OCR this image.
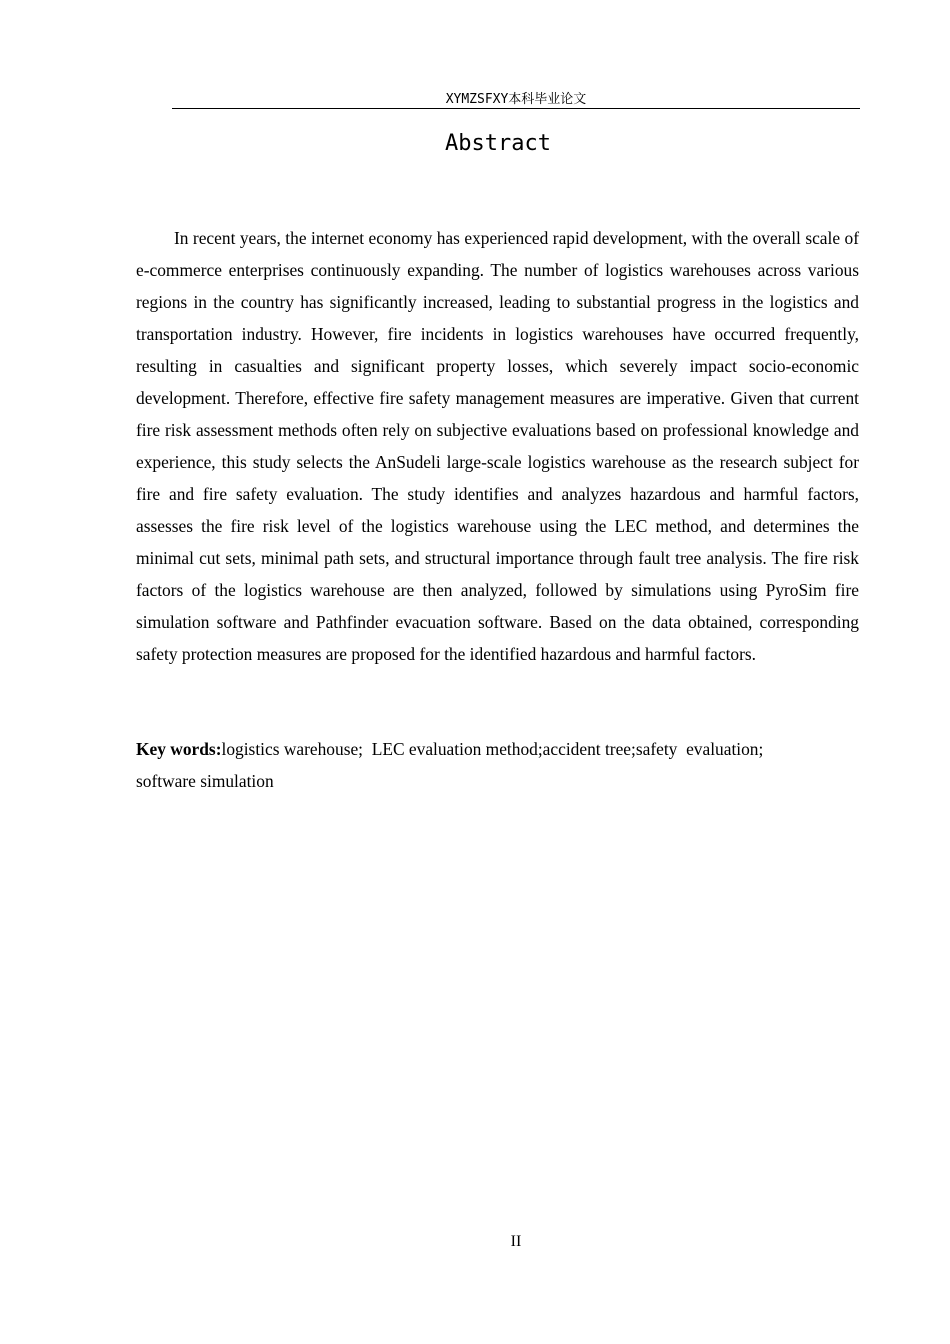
XYMZSFXY本科毕业论文
Abstract

In recent years, the internet economy has experienced rapid development, with the overall scale of e-commerce enterprises continuously expanding. The number of logistics warehouses across various regions in the country has significantly increased, leading to substantial progress in the logistics and transportation industry. However, fire incidents in logistics warehouses have occurred frequently, resulting in casualties and significant property losses, which severely impact socio-economic development. Therefore, effective fire safety management measures are imperative. Given that current fire risk assessment methods often rely on subjective evaluations based on professional knowledge and experience, this study selects the AnSudeli large-scale logistics warehouse as the research subject for fire and fire safety evaluation. The study identifies and analyzes hazardous and harmful factors, assesses the fire risk level of the logistics warehouse using the LEC method, and determines the minimal cut sets, minimal path sets, and structural importance through fault tree analysis. The fire risk factors of the logistics warehouse are then analyzed, followed by simulations using PyroSim fire simulation software and Pathfinder evacuation software. Based on the data obtained, corresponding safety protection measures are proposed for the identified hazardous and harmful factors.

Key words:logistics warehouse;  LEC evaluation method;accident tree;safety  evaluation;
software simulation

II
